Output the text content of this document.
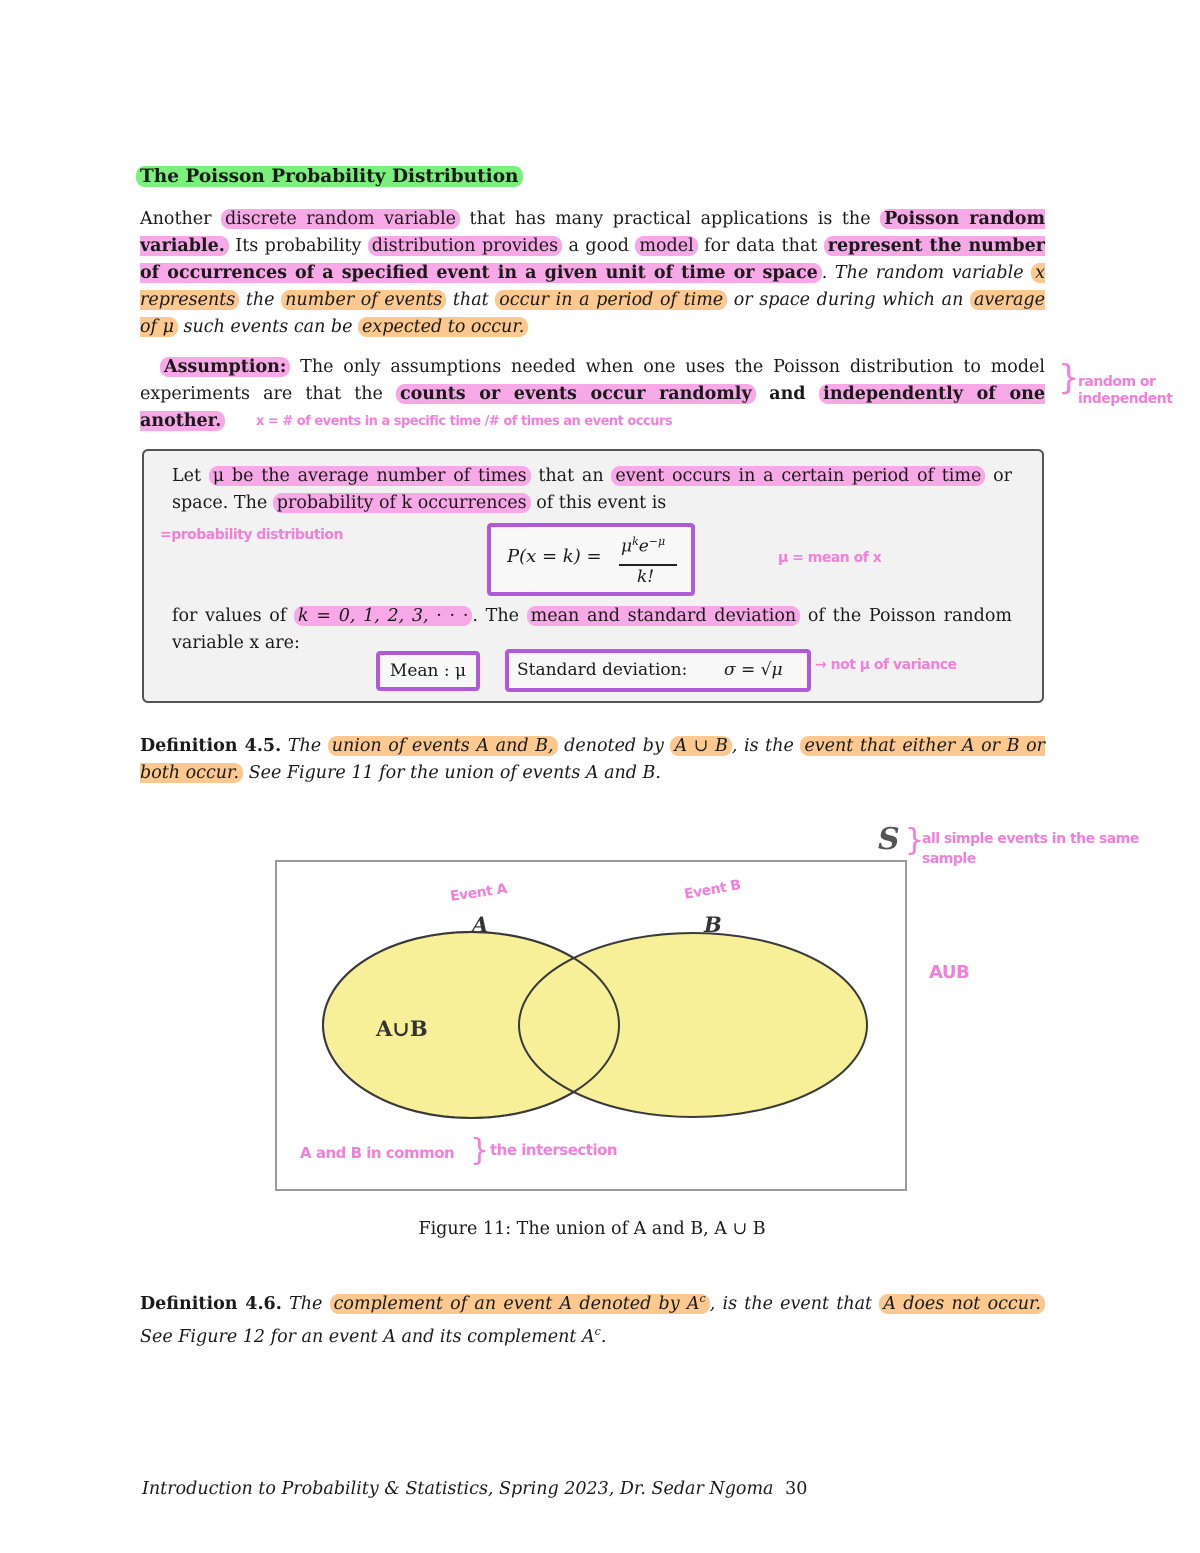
The Poisson Probability Distribution
Another discrete random variable that has many practical applications is the Poisson random variable. Its probability distribution provides a good model for data that represent the number of occurrences of a specified event in a given unit of time or space . The random variable x represents the number of events that occur in a period of time or space during which an average of μ such events can be expected to occur.
Assumption: The only assumptions needed when one uses the Poisson distribution to model experiments are that the counts or events occur randomly and independently of one another.	x = # of events in a specific time /# of times an event occurs
}
random or independent
Let μ be the average number of times that an event occurs in a certain period of time or space. The probability of k occurrences of this event is
=probability distribution
$P(x = k) = \mu^ke^{-\mu}$
k!
μ = mean of x
for values of k = 0, 1, 2, 3, · · · . The mean and standard deviation of the Poisson random variable x are:
Mean : μ	Standard deviation: σ = √μ → not μ of variance
Definition 4.5. The union of events A and B, denoted by A ∪ B , is the event that either A or B or both occur. See Figure 11 for the union of events A and B.
S }
all simple events in the same sample
AUB
Event A	Event B
A	B
A∪B
A and B in common } the intersection
Figure 11: The union of A and B, A ∪ B
Definition 4.6. The complement of an event A denoted by $A^c$ , is the event that A does not occur. See Figure 12 for an event A and its complement $A^c$.
Introduction to Probability & Statistics, Spring 2023, Dr. Sedar Ngoma 30
